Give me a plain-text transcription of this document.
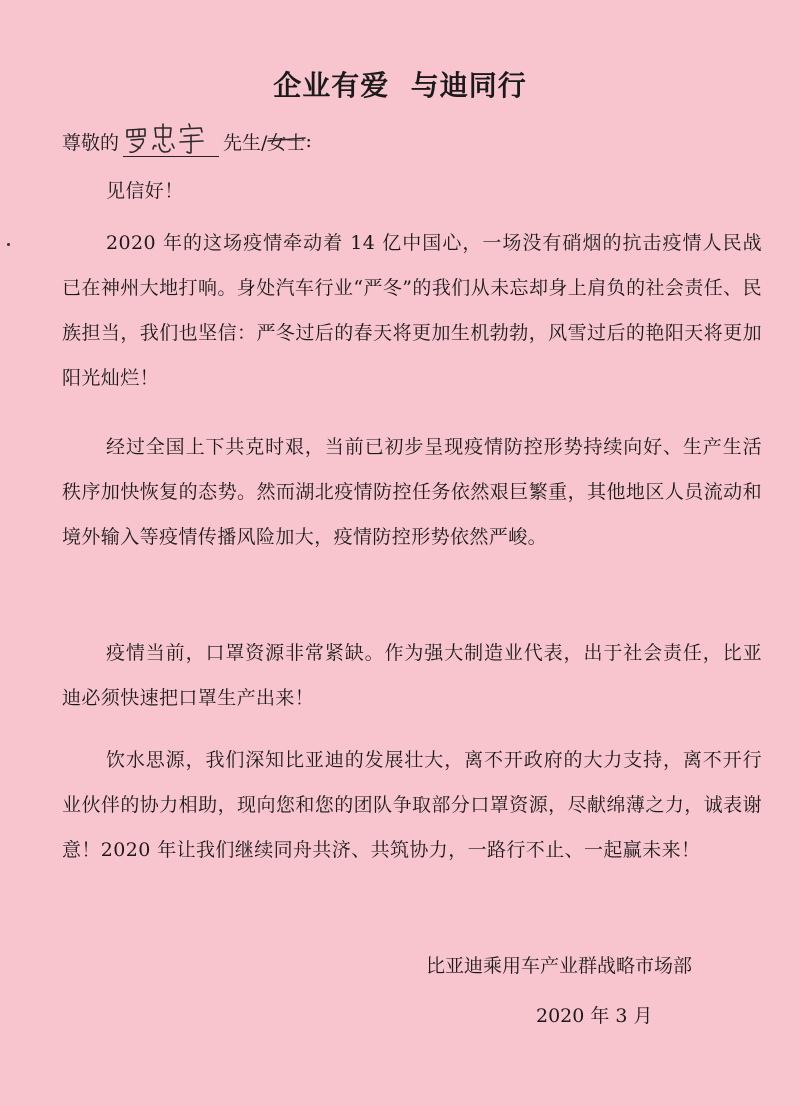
企业有爱  与迪同行
尊敬的	先生/ 女士 :
见信好！
2020 年的这场疫情牵动着 14 亿中国心，一场没有硝烟的抗击疫情人民战已在神州大地打响。身处汽车行业“严冬”的我们从未忘却身上肩负的社会责任、民族担当，我们也坚信：严冬过后的春天将更加生机勃勃，风雪过后的艳阳天将更加阳光灿烂！
经过全国上下共克时艰，当前已初步呈现疫情防控形势持续向好、生产生活秩序加快恢复的态势。然而湖北疫情防控任务依然艰巨繁重，其他地区人员流动和境外输入等疫情传播风险加大，疫情防控形势依然严峻。
疫情当前，口罩资源非常紧缺。作为强大制造业代表，出于社会责任，比亚迪必须快速把口罩生产出来！
饮水思源，我们深知比亚迪的发展壮大，离不开政府的大力支持，离不开行业伙伴的协力相助，现向您和您的团队争取部分口罩资源，尽献绵薄之力，诚表谢意！2020 年让我们继续同舟共济、共筑协力，一路行不止、一起赢未来！
比亚迪乘用车产业群战略市场部
2020 年 3 月
